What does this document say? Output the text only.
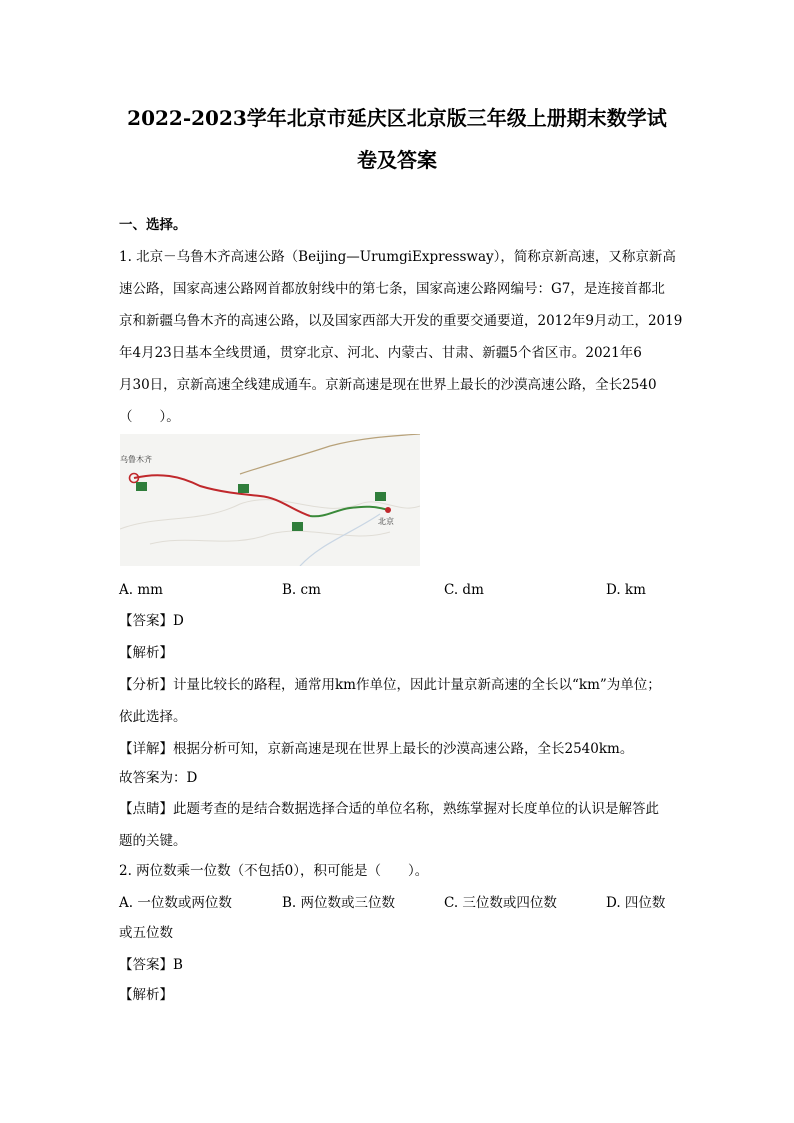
2022-2023学年北京市延庆区北京版三年级上册期末数学试
卷及答案
一、选择。
1. 北京－乌鲁木齐高速公路（Beijing—UrumgiExpressway），简称京新高速，又称京新高
速公路，国家高速公路网首都放射线中的第七条，国家高速公路网编号：G7，是连接首都北
京和新疆乌鲁木齐的高速公路，以及国家西部大开发的重要交通要道，2012年9月动工，2019
年4月23日基本全线贯通，贯穿北京、河北、内蒙古、甘肃、新疆5个省区市。2021年6
月30日，京新高速全线建成通车。京新高速是现在世界上最长的沙漠高速公路，全长2540
（　　）。
乌鲁木齐
北京
A. mm	B. cm	C. dm	D. km
【答案】D
【解析】
【分析】计量比较长的路程，通常用km作单位，因此计量京新高速的全长以“km”为单位；
依此选择。
【详解】根据分析可知，京新高速是现在世界上最长的沙漠高速公路，全长2540km。
故答案为：D
【点睛】此题考查的是结合数据选择合适的单位名称，熟练掌握对长度单位的认识是解答此
题的关键。
2. 两位数乘一位数（不包括0），积可能是（　　）。
A. 一位数或两位数	B. 两位数或三位数	C. 三位数或四位数	D. 四位数
或五位数
【答案】B
【解析】
